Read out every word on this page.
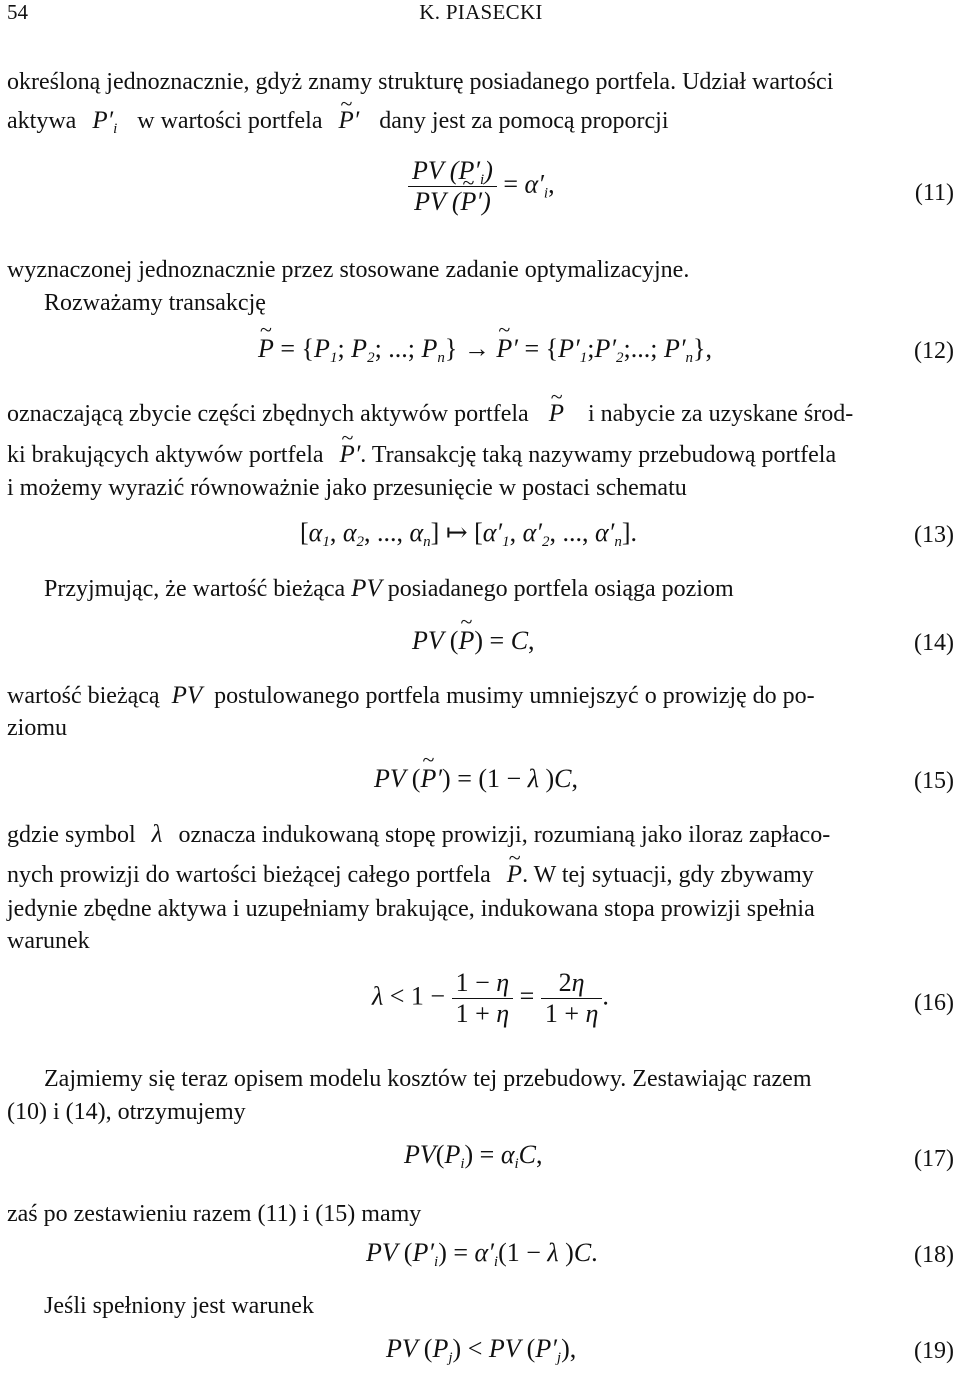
54	K. PIASECKI
określoną jednoznacznie, gdyż znamy strukturę posiadanego portfela. Udział wartości
aktywa $P'_i$ w wartości portfela ~ P′ dany jest za pomocą proporcji
$\frac{PV (P'_i)}{PV (\sim P')} = \alpha'_i$,	(11)
wyznaczonej jednoznacznie przez stosowane zadanie optymalizacyjne.
Rozważamy transakcję
~ $P = \{P_1$; $P_2$; ...; $P_n$} → ~ $P' = \{P'_1;P'_2$;...; $P'_n$},	(12)
oznaczającą zbycie części zbędnych aktywów portfela ~ P i nabycie za uzyskane środ-
ki brakujących aktywów portfela ~ P′. Transakcję taką nazywamy przebudową portfela
i możemy wyrazić równoważnie jako przesunięcie w postaci schematu
[$\alpha_1$, $\alpha_2$, ..., $\alpha_n$] ↦ [$\alpha'_1$, $\alpha'_2$, ..., $\alpha'_n$].	(13)
Przyjmując, że wartość bieżąca PV posiadanego portfela osiąga poziom
PV (~ P) = C,	(14)
wartość bieżącą PV postulowanego portfela musimy umniejszyć o prowizję do po-
ziomu
PV (~ P′) = (1 − λ )C,	(15)
gdzie symbol λ oznacza indukowaną stopę prowizji, rozumianą jako iloraz zapłaco-
nych prowizji do wartości bieżącej całego portfela ~ P. W tej sytuacji, gdy zbywamy
jedynie zbędne aktywa i uzupełniamy brakujące, indukowana stopa prowizji spełnia
warunek
$\lambda < 1 - \frac{1 - \eta}{1 + \eta} = \frac{2\eta}{1 + \eta}$ .	(16)
Zajmiemy się teraz opisem modelu kosztów tej przebudowy. Zestawiając razem
(10) i (14), otrzymujemy
$PV(P_i) = \alpha_iC$,	(17)
zaś po zestawieniu razem (11) i (15) mamy
PV $(P'_i) = \alpha'_i(1 - \lambda$ )C.	(18)
Jeśli spełniony jest warunek
PV $(P_j)$ < PV $(P'_j)$,	(19)
